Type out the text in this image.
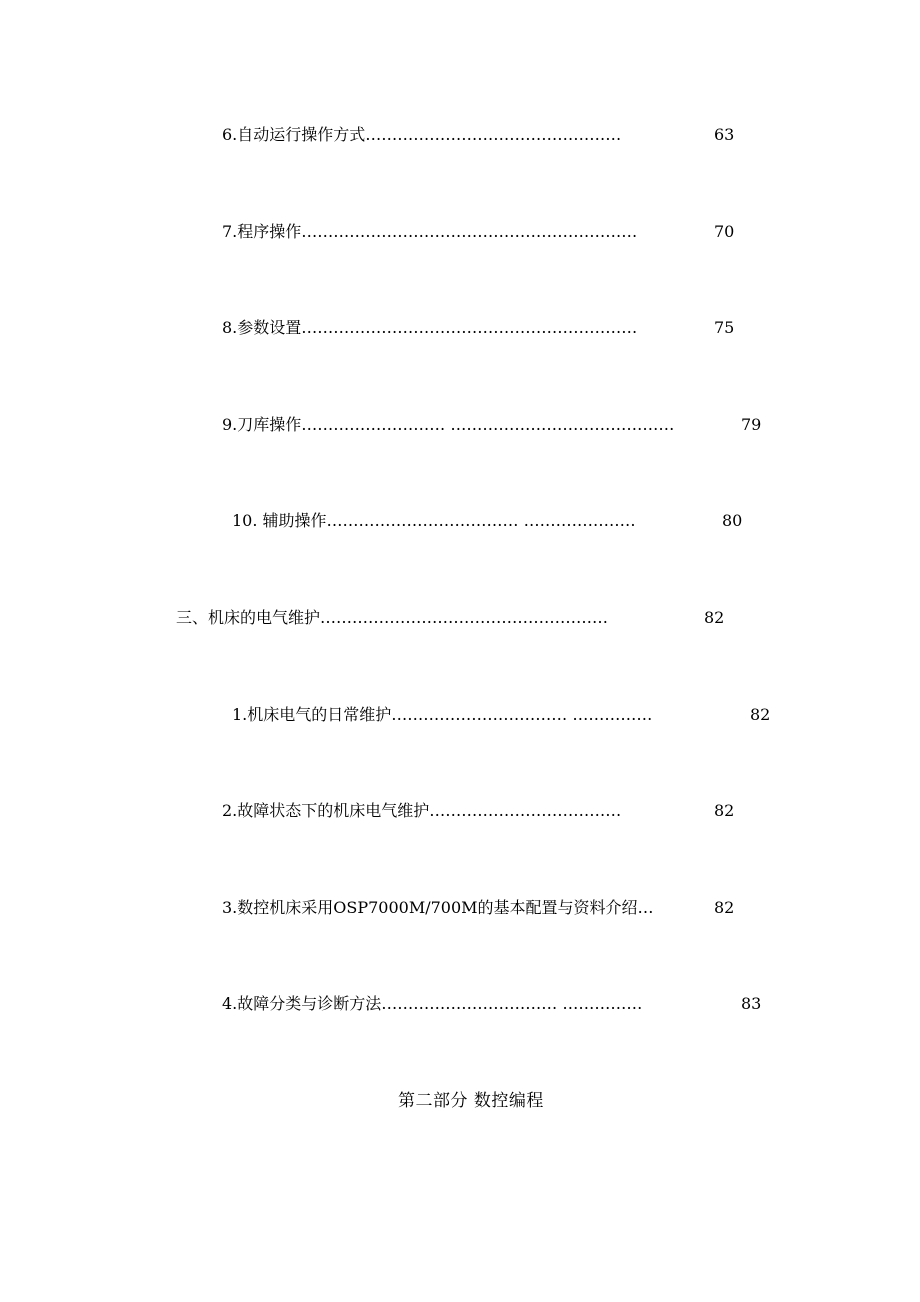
6.自动运行操作方式…………………………………………	63
7.程序操作………………………………………………………	70
8.参数设置………………………………………………………	75
9.刀库操作……………………… ……………………………………	79
10. 辅助操作……………………………… …………………	80
三、机床的电气维护………………………………………………	82
1.机床电气的日常维护…………………………… ……………	82
2.故障状态下的机床电气维护………………………………	82
3.数控机床采用OSP7000M/700M的基本配置与资料介绍…	82
4.故障分类与诊断方法…………………………… ……………	83
第二部分 数控编程
